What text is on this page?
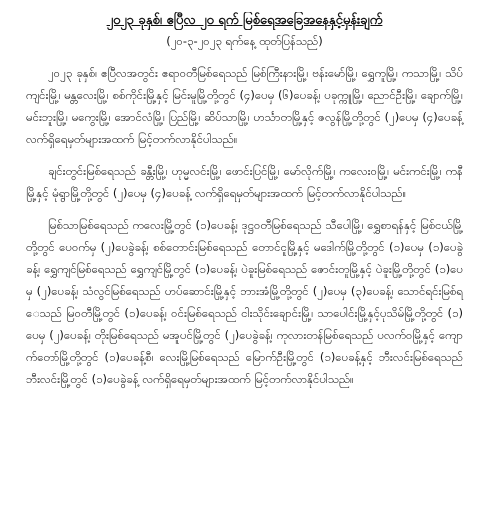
၂၀၂၃ ခုနှစ်၊ ဧပြီလ ၂၀ ရက် မြစ်ရေအခြေအနေနှင့်မှန်းချက်
(၂၀-၃-၂၀၂၃ ရက်နေ့ ထုတ်ပြန်သည်)

၂၀၂၃ ခုနှစ်၊ ဧပြီလအတွင်း ဧရာဝတီမြစ်ရေသည် မြစ်ကြီးနားမြို့၊ ဗန်းမော်မြို့၊ ရွှေကူမြို့၊ ကသာမြို့၊ သိပ်ကျင်းမြို့၊ မန္တလေးမြို့၊ စစ်ကိုင်းမြို့နှင့် မြင်းမူမြို့တို့တွင် (၄)ပေမှ (၆)ပေခန့်၊ ပခုက္ကူမြို့၊ ညောင်ဦးမြို့၊ ချောက်မြို့၊ မင်းဘူးမြို့၊ မကွေးမြို့၊ အောင်လံမြို့၊ ပြည်မြို့၊ ဆိပ်သာမြို့၊ ဟင်္သာတမြို့နှင့် ဇလွန်မြို့တို့တွင် (၂)ပေမှ (၄)ပေခန့် လက်ရှိရေမှတ်များအထက် မြင့်တက်လာနိုင်ပါသည်။

ချင်းတွင်းမြစ်ရေသည် ခန္တီးမြို့၊ ဟုမ္မလင်းမြို့၊ ဖောင်းပြင်မြို့၊ မော်လိုက်မြို့၊ ကလေးဝမြို့၊ မင်းကင်းမြို့၊ ကနီမြို့နှင့် မုံရွာမြို့တို့တွင် (၂)ပေမှ (၄)ပေခန့် လက်ရှိရေမှတ်များအထက် မြင့်တက်လာနိုင်ပါသည်။

မြစ်သာမြစ်ရေသည် ကလေးမြို့တွင် (၁)ပေခန့်၊ ဒုဋ္ဌဝတီမြစ်ရေသည် သီပေါမြို့၊ ရွှေစာရန်နှင့် မြစ်ငယ်မြို့တို့တွင် ပေဝက်မှ (၂)ပေခွဲခန့်၊ စစ်တောင်းမြစ်ရေသည် တောင်ငူမြို့နှင့် မဒေါက်မြို့တို့တွင် (၁)ပေမှ (၁)ပေခွဲခန့်၊ ရွှေကျင်မြစ်ရေသည် ရွှေကျင်မြို့တွင် (၁)ပေခန့်၊ ပဲခူးမြစ်ရေသည် ဇောင်းတူမြို့နှင့် ပဲခူးမြို့တို့တွင် (၁)ပေမှ (၂)ပေခန့်၊ သံလွင်မြစ်ရေသည် ဟပ်ဆောင်းမြို့နှင့် ဘားအံမြို့တို့တွင် (၂)ပေမှ (၃)ပေခန့်၊ သောင်ရင်းမြစ်ရေသည် မြဝတီမြို့တွင် (၁)ပေခန့်၊ ဝင်းမြစ်ရေသည် ငါးသိုင်းချောင်းမြို့၊ သာပေါင်းမြို့နှင့်ပုသိမ်မြို့တို့တွင် (၁)ပေမှ (၂)ပေခန့်၊ တိုးမြစ်ရေသည် မအူပင်မြို့တွင် (၂)ပေခွဲခန့်၊ ကုလားတန်မြစ်ရေသည် ပလက်ဝမြို့နှင့် ကျောက်တော်မြို့တို့တွင် (၁)ပေခန့်စီ၊ လေးမြို့မြစ်ရေသည် မြောက်ဦးမြို့တွင် (၁)ပေခန့်နှင့် ဘီးလင်းမြစ်ရေသည် ဘီးလင်းမြို့တွင် (၁)ပေခွဲခန့် လက်ရှိရေမှတ်များအထက် မြင့်တက်လာနိုင်ပါသည်။
